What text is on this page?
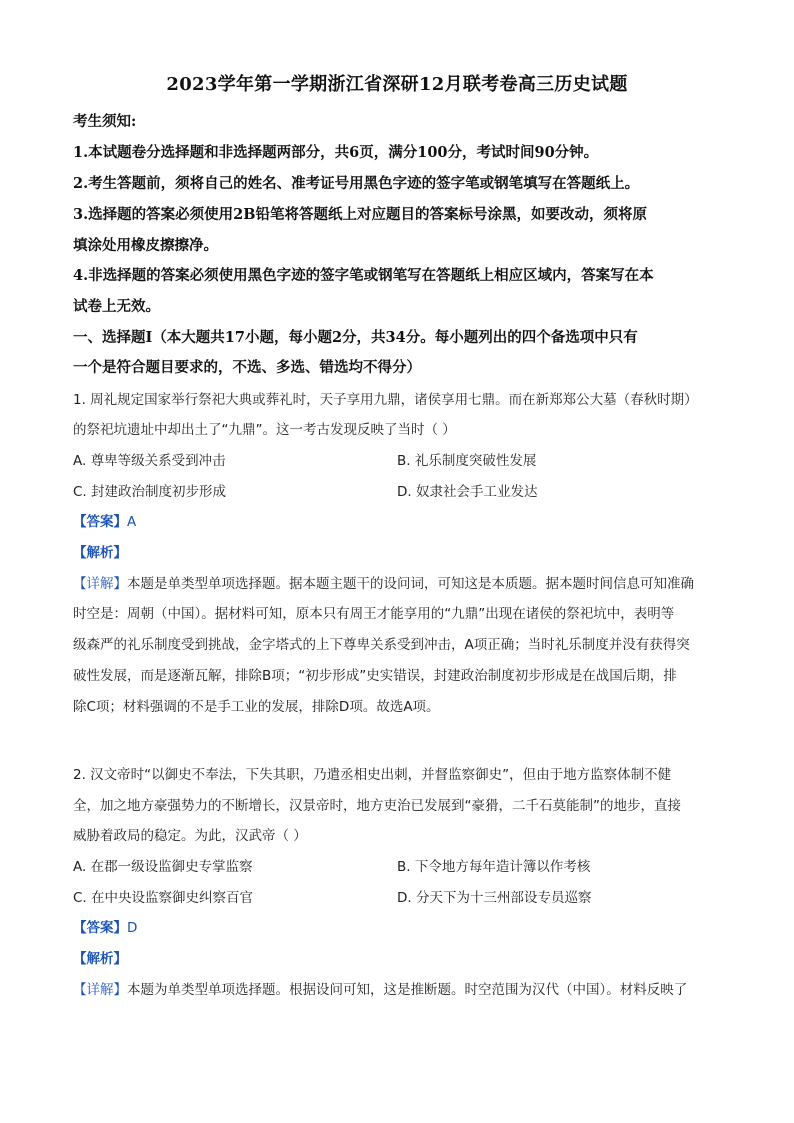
2023学年第一学期浙江省深研12月联考卷高三历史试题
考生须知:
1.本试题卷分选择题和非选择题两部分，共6页，满分100分，考试时间90分钟。
2.考生答题前，须将自己的姓名、准考证号用黑色字迹的签字笔或钢笔填写在答题纸上。
3.选择题的答案必须使用2B铅笔将答题纸上对应题目的答案标号涂黑，如要改动，须将原
填涂处用橡皮擦擦净。
4.非选择题的答案必须使用黑色字迹的签字笔或钢笔写在答题纸上相应区域内，答案写在本
试卷上无效。
一、选择题Ⅰ（本大题共17小题，每小题2分，共34分。每小题列出的四个备选项中只有
一个是符合题目要求的，不选、多选、错选均不得分）
1. 周礼规定国家举行祭祀大典或葬礼时，天子享用九鼎，诸侯享用七鼎。而在新郑郑公大墓（春秋时期）
的祭祀坑遗址中却出土了“九鼎”。这一考古发现反映了当时（ ）
A. 尊卑等级关系受到冲击	B. 礼乐制度突破性发展
C. 封建政治制度初步形成	D. 奴隶社会手工业发达
【答案】A
【解析】
【详解】本题是单类型单项选择题。据本题主题干的设问词，可知这是本质题。据本题时间信息可知准确
时空是：周朝（中国）。据材料可知，原本只有周王才能享用的“九鼎”出现在诸侯的祭祀坑中，表明等
级森严的礼乐制度受到挑战，金字塔式的上下尊卑关系受到冲击，A项正确；当时礼乐制度并没有获得突
破性发展，而是逐渐瓦解，排除B项；“初步形成”史实错误，封建政治制度初步形成是在战国后期，排
除C项；材料强调的不是手工业的发展，排除D项。故选A项。
2. 汉文帝时“以御史不奉法，下失其职，乃遣丞相史出刺，并督监察御史”，但由于地方监察体制不健
全，加之地方豪强势力的不断增长，汉景帝时，地方吏治已发展到“豪猾，二千石莫能制”的地步，直接
威胁着政局的稳定。为此，汉武帝（ ）
A. 在郡一级设监御史专掌监察	B. 下令地方每年造计簿以作考核
C. 在中央设监察御史纠察百官	D. 分天下为十三州部设专员巡察
【答案】D
【解析】
【详解】本题为单类型单项选择题。根据设问可知，这是推断题。时空范围为汉代（中国）。材料反映了
